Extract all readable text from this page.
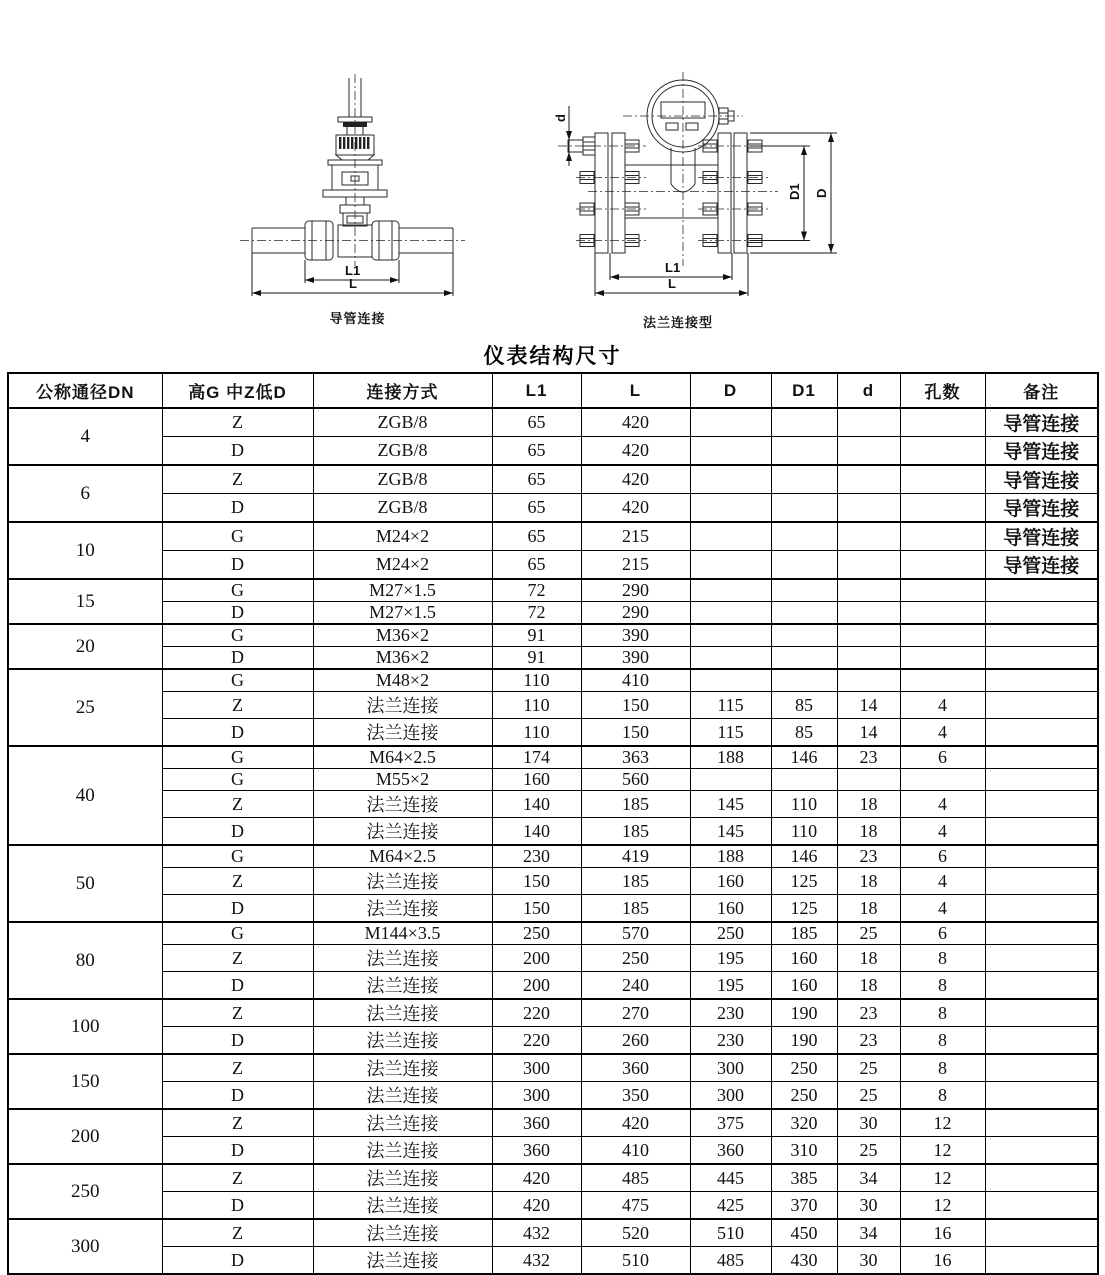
L1
L
导管连接
d
D1 D
L1
L
法兰连接型
仪表结构尺寸
公称通径DN	高G 中Z低D	连接方式	L1	L	D	D1	d	孔数	备注
4	Z	ZGB/8	65	420					导管连接
	D	ZGB/8	65	420					导管连接
6	Z	ZGB/8	65	420					导管连接
	D	ZGB/8	65	420					导管连接
10	G	M24×2	65	215					导管连接
	D	M24×2	65	215					导管连接
15	G	M27×1.5	72	290					
	D	M27×1.5	72	290					
20	G	M36×2	91	390					
	D	M36×2	91	390					
25	G	M48×2	110	410					
	Z	法兰连接	110	150	115	85	14	4	
	D	法兰连接	110	150	115	85	14	4	
40	G	M64×2.5	174	363	188	146	23	6	
	G	M55×2	160	560					
	Z	法兰连接	140	185	145	110	18	4	
	D	法兰连接	140	185	145	110	18	4	
50	G	M64×2.5	230	419	188	146	23	6	
	Z	法兰连接	150	185	160	125	18	4	
	D	法兰连接	150	185	160	125	18	4	
80	G	M144×3.5	250	570	250	185	25	6	
	Z	法兰连接	200	250	195	160	18	8	
	D	法兰连接	200	240	195	160	18	8	
100	Z	法兰连接	220	270	230	190	23	8	
	D	法兰连接	220	260	230	190	23	8	
150	Z	法兰连接	300	360	300	250	25	8	
	D	法兰连接	300	350	300	250	25	8	
200	Z	法兰连接	360	420	375	320	30	12	
	D	法兰连接	360	410	360	310	25	12	
250	Z	法兰连接	420	485	445	385	34	12	
	D	法兰连接	420	475	425	370	30	12	
300	Z	法兰连接	432	520	510	450	34	16	
	D	法兰连接	432	510	485	430	30	16	
